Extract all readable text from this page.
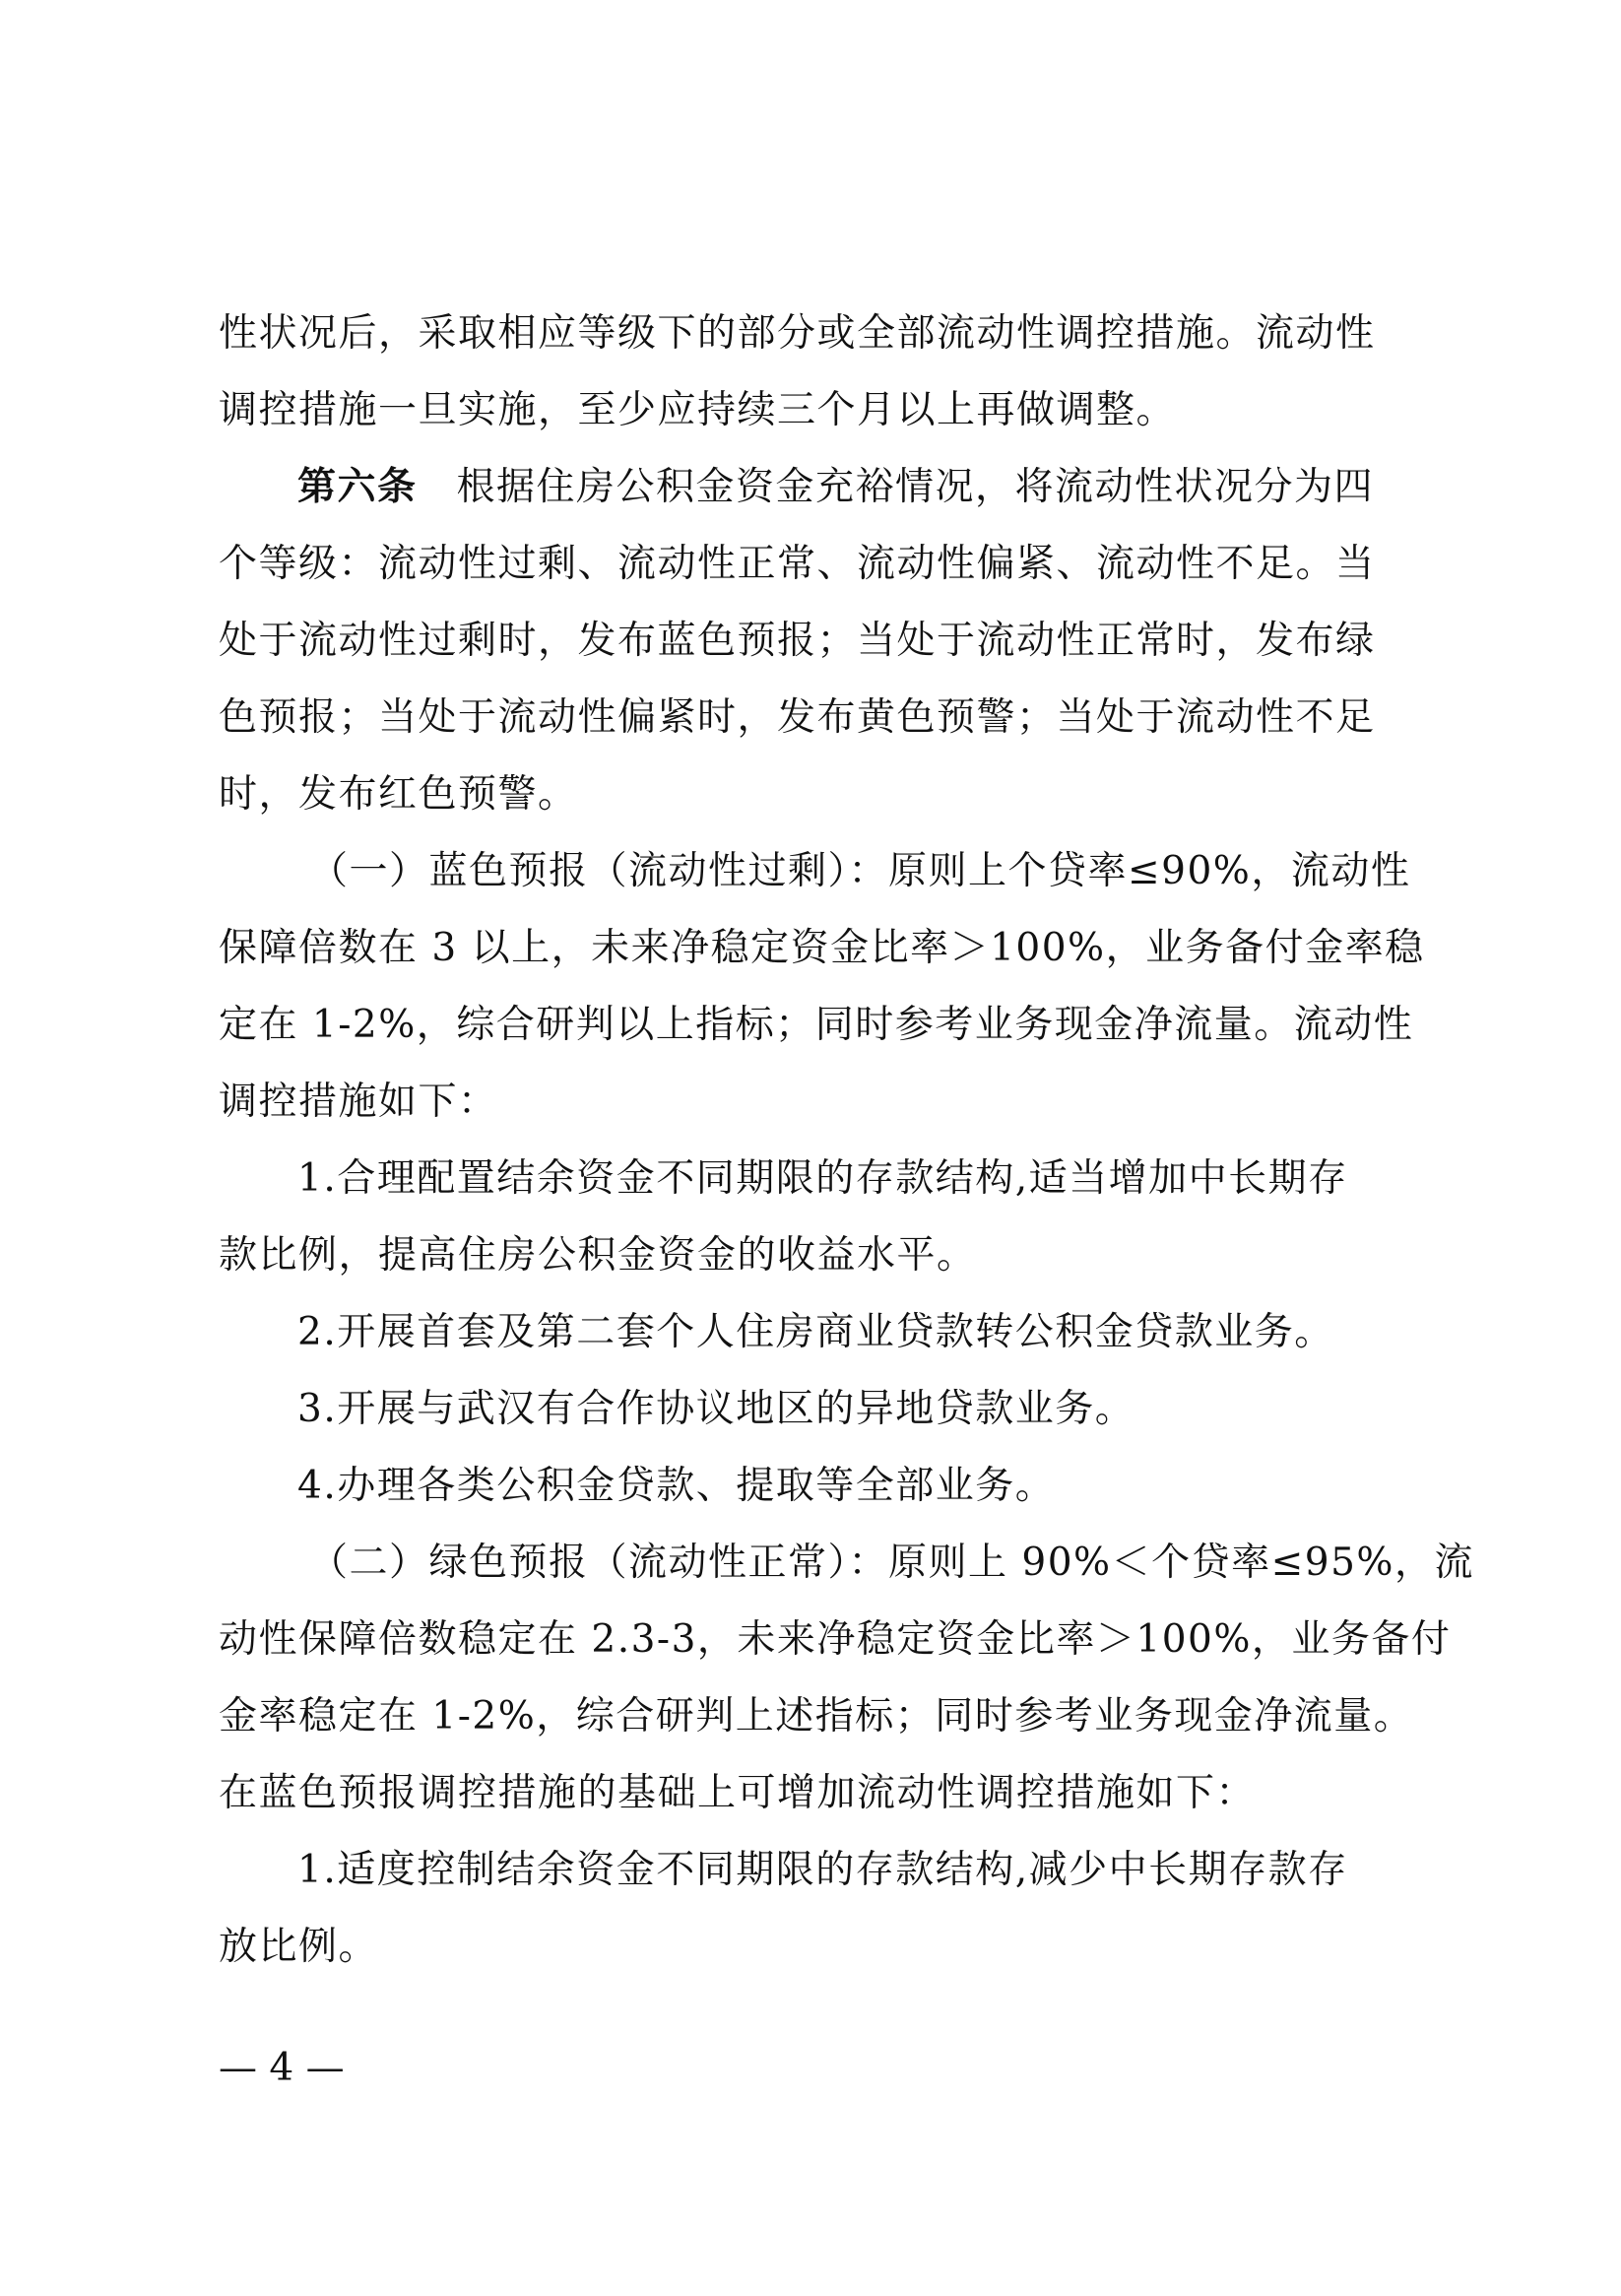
性状况后，采取相应等级下的部分或全部流动性调控措施。流动性
调控措施一旦实施，至少应持续三个月以上再做调整。
第六条 根据住房公积金资金充裕情况，将流动性状况分为四
个等级：流动性过剩、流动性正常、流动性偏紧、流动性不足。当
处于流动性过剩时，发布蓝色预报；当处于流动性正常时，发布绿
色预报；当处于流动性偏紧时，发布黄色预警；当处于流动性不足
时，发布红色预警。
（一）蓝色预报（流动性过剩）：原则上个贷率≤90%，流动性
保障倍数在 3 以上，未来净稳定资金比率＞100%，业务备付金率稳
定在 1-2%，综合研判以上指标；同时参考业务现金净流量。流动性
调控措施如下：
1.合理配置结余资金不同期限的存款结构,适当增加中长期存
款比例，提高住房公积金资金的收益水平。
2.开展首套及第二套个人住房商业贷款转公积金贷款业务。
3.开展与武汉有合作协议地区的异地贷款业务。
4.办理各类公积金贷款、提取等全部业务。
（二）绿色预报（流动性正常）：原则上 90%＜个贷率≤95%，流
动性保障倍数稳定在 2.3-3，未来净稳定资金比率＞100%，业务备付
金率稳定在 1-2%，综合研判上述指标；同时参考业务现金净流量。
在蓝色预报调控措施的基础上可增加流动性调控措施如下：
1.适度控制结余资金不同期限的存款结构,减少中长期存款存
放比例。
— 4 —
